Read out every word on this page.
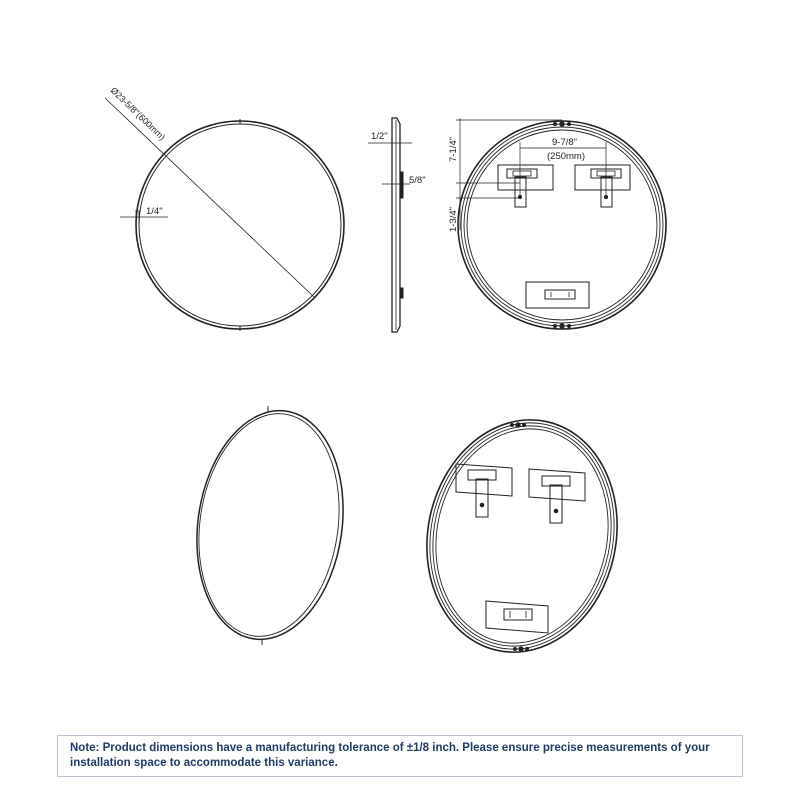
Ø23-5/8"(600mm)
1/4"
1/2"
5/8"
7-1/4"
1-3/4"
9-7/8"
(250mm)
Note: Product dimensions have a manufacturing tolerance of ±1/8 inch. Please ensure precise measurements of your installation space to accommodate this variance.
